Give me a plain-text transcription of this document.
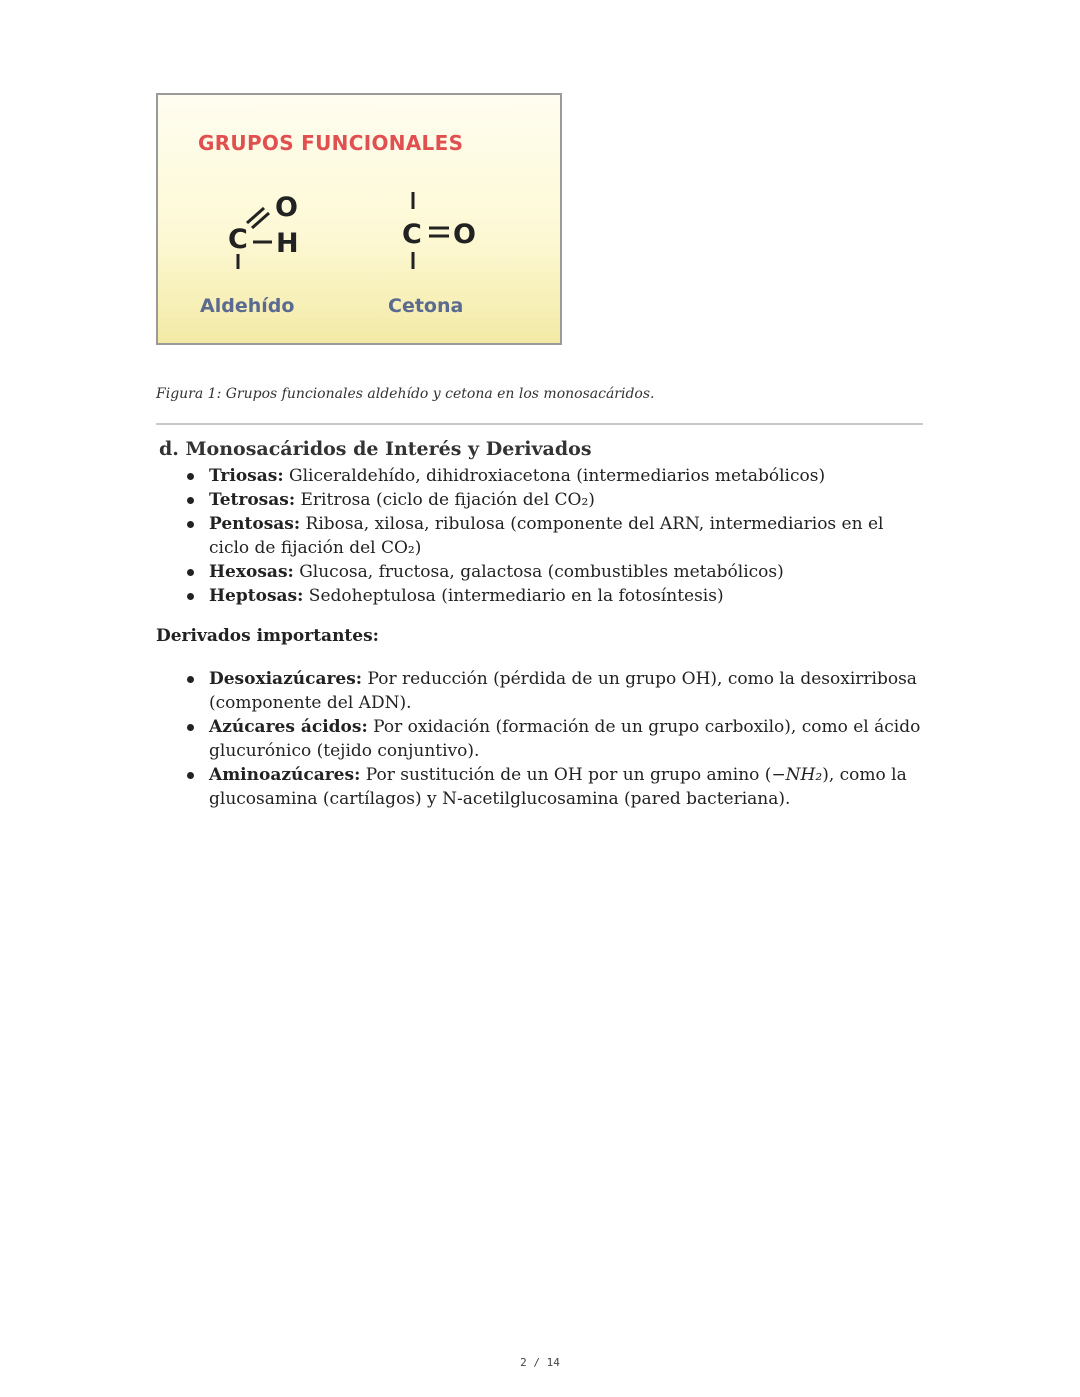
GRUPOS FUNCIONALES
C
O
H	C O
Aldehído	Cetona
Figura 1: Grupos funcionales aldehído y cetona en los monosacáridos.
d. Monosacáridos de Interés y Derivados
Triosas: Gliceraldehído, dihidroxiacetona (intermediarios metabólicos)
Tetrosas: Eritrosa (ciclo de fijación del CO₂)
Pentosas: Ribosa, xilosa, ribulosa (componente del ARN, intermediarios en el ciclo de fijación del CO₂)
Hexosas: Glucosa, fructosa, galactosa (combustibles metabólicos)
Heptosas: Sedoheptulosa (intermediario en la fotosíntesis)
Derivados importantes:
Desoxiazúcares: Por reducción (pérdida de un grupo OH), como la desoxirribosa (componente del ADN).
Azúcares ácidos: Por oxidación (formación de un grupo carboxilo), como el ácido glucurónico (tejido conjuntivo).
Aminoazúcares: Por sustitución de un OH por un grupo amino (−NH₂), como la glucosamina (cartílagos) y N-acetilglucosamina (pared bacteriana).
2 / 14
